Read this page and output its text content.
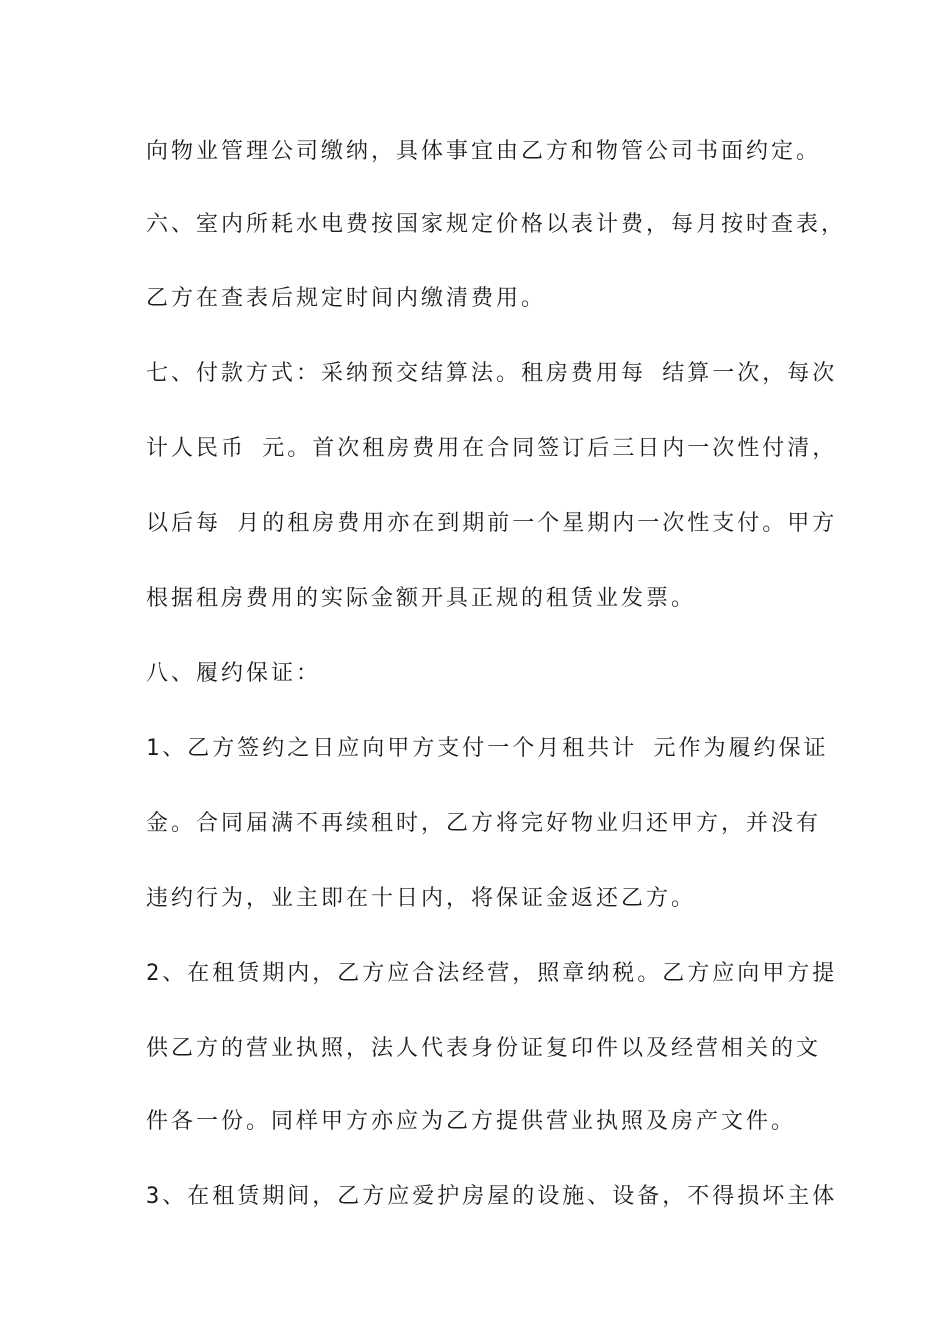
向物业管理公司缴纳，具体事宜由乙方和物管公司书面约定。
六、室内所耗水电费按国家规定价格以表计费，每月按时查表，
乙方在查表后规定时间内缴清费用。
七、付款方式：采纳预交结算法。租房费用每 结算一次，每次
计人民币 元。首次租房费用在合同签订后三日内一次性付清，
以后每 月的租房费用亦在到期前一个星期内一次性支付。甲方
根据租房费用的实际金额开具正规的租赁业发票。
八、履约保证：
1、乙方签约之日应向甲方支付一个月租共计 元作为履约保证
金。合同届满不再续租时，乙方将完好物业归还甲方，并没有
违约行为，业主即在十日内，将保证金返还乙方。
2、在租赁期内，乙方应合法经营，照章纳税。乙方应向甲方提
供乙方的营业执照，法人代表身份证复印件以及经营相关的文
件各一份。同样甲方亦应为乙方提供营业执照及房产文件。
3、在租赁期间，乙方应爱护房屋的设施、设备，不得损坏主体
